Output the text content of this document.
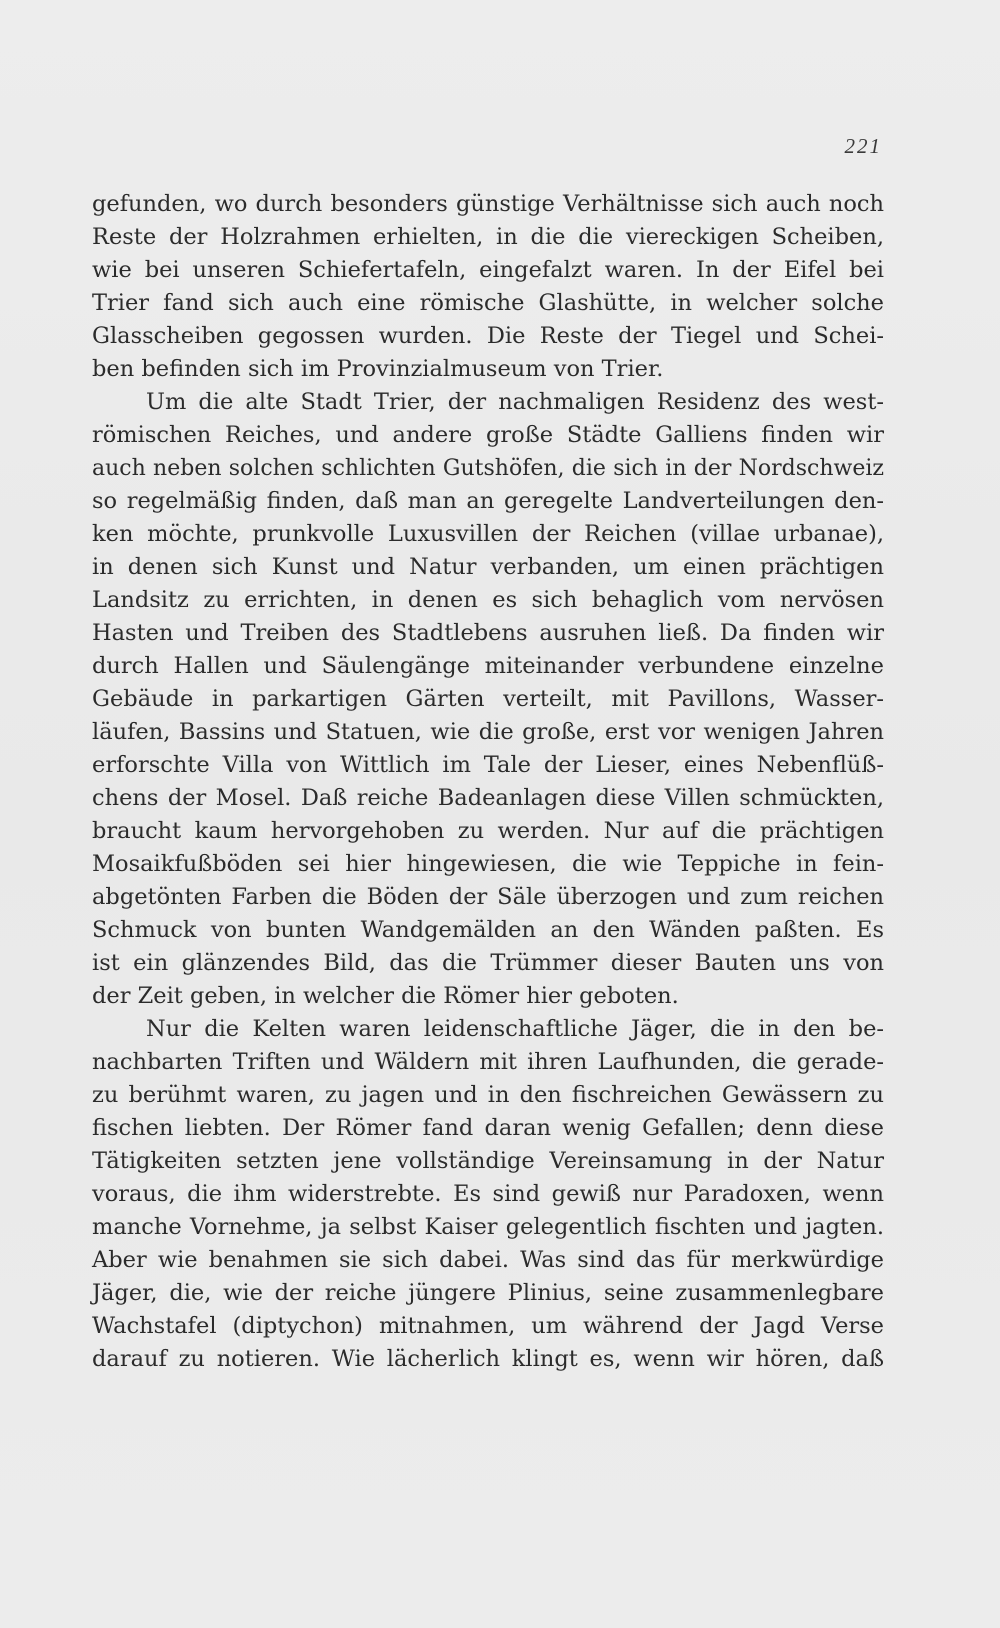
221
gefunden, wo durch besonders günstige Verhältnisse sich auch noch
Reste der Holzrahmen erhielten, in die die viereckigen Scheiben,
wie bei unseren Schiefertafeln, eingefalzt waren. In der Eifel bei
Trier fand sich auch eine römische Glashütte, in welcher solche
Glasscheiben gegossen wurden. Die Reste der Tiegel und Schei-
ben befinden sich im Provinzialmuseum von Trier.
Um die alte Stadt Trier, der nachmaligen Residenz des west-
römischen Reiches, und andere große Städte Galliens finden wir
auch neben solchen schlichten Gutshöfen, die sich in der Nordschweiz
so regelmäßig finden, daß man an geregelte Landverteilungen den-
ken möchte, prunkvolle Luxusvillen der Reichen (villae urbanae),
in denen sich Kunst und Natur verbanden, um einen prächtigen
Landsitz zu errichten, in denen es sich behaglich vom nervösen
Hasten und Treiben des Stadtlebens ausruhen ließ. Da finden wir
durch Hallen und Säulengänge miteinander verbundene einzelne
Gebäude in parkartigen Gärten verteilt, mit Pavillons, Wasser-
läufen, Bassins und Statuen, wie die große, erst vor wenigen Jahren
erforschte Villa von Wittlich im Tale der Lieser, eines Nebenflüß-
chens der Mosel. Daß reiche Badeanlagen diese Villen schmückten,
braucht kaum hervorgehoben zu werden. Nur auf die prächtigen
Mosaikfußböden sei hier hingewiesen, die wie Teppiche in fein-
abgetönten Farben die Böden der Säle überzogen und zum reichen
Schmuck von bunten Wandgemälden an den Wänden paßten. Es
ist ein glänzendes Bild, das die Trümmer dieser Bauten uns von
der Zeit geben, in welcher die Römer hier geboten.
Nur die Kelten waren leidenschaftliche Jäger, die in den be-
nachbarten Triften und Wäldern mit ihren Laufhunden, die gerade-
zu berühmt waren, zu jagen und in den fischreichen Gewässern zu
fischen liebten. Der Römer fand daran wenig Gefallen; denn diese
Tätigkeiten setzten jene vollständige Vereinsamung in der Natur
voraus, die ihm widerstrebte. Es sind gewiß nur Paradoxen, wenn
manche Vornehme, ja selbst Kaiser gelegentlich fischten und jagten.
Aber wie benahmen sie sich dabei. Was sind das für merkwürdige
Jäger, die, wie der reiche jüngere Plinius, seine zusammenlegbare
Wachstafel (diptychon) mitnahmen, um während der Jagd Verse
darauf zu notieren. Wie lächerlich klingt es, wenn wir hören, daß
